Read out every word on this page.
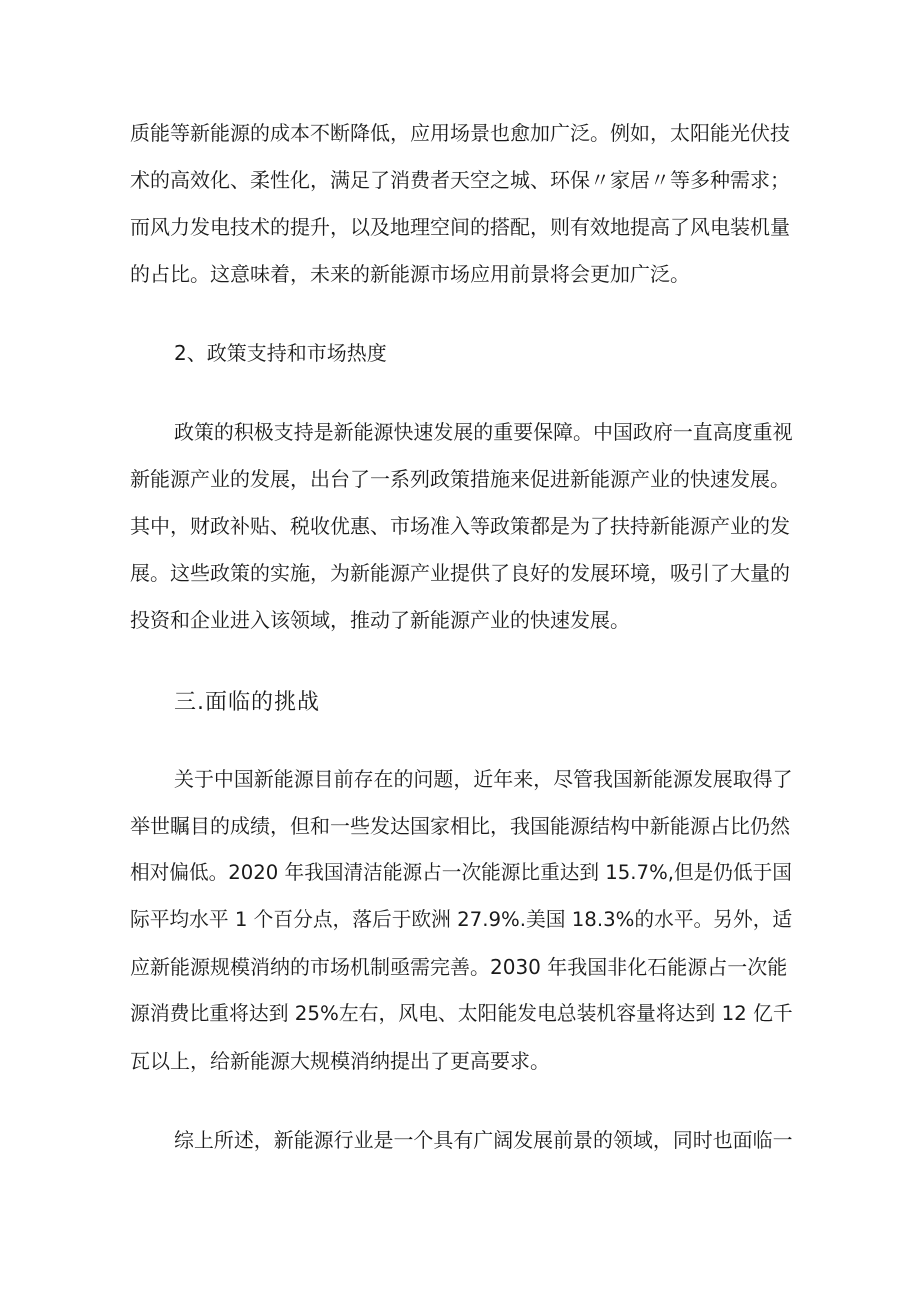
质能等新能源的成本不断降低，应用场景也愈加广泛。例如，太阳能光伏技
术的高效化、柔性化，满足了消费者天空之城、环保〃家居〃等多种需求；
而风力发电技术的提升，以及地理空间的搭配，则有效地提高了风电装机量
的占比。这意味着，未来的新能源市场应用前景将会更加广泛。
2、政策支持和市场热度
政策的积极支持是新能源快速发展的重要保障。中国政府一直高度重视
新能源产业的发展，出台了一系列政策措施来促进新能源产业的快速发展。
其中，财政补贴、税收优惠、市场准入等政策都是为了扶持新能源产业的发
展。这些政策的实施，为新能源产业提供了良好的发展环境，吸引了大量的
投资和企业进入该领域，推动了新能源产业的快速发展。
三.面临的挑战
关于中国新能源目前存在的问题，近年来，尽管我国新能源发展取得了
举世瞩目的成绩，但和一些发达国家相比，我国能源结构中新能源占比仍然
相对偏低。2020 年我国清洁能源占一次能源比重达到 15.7%,但是仍低于国
际平均水平 1 个百分点，落后于欧洲 27.9%.美国 18.3%的水平。另外，适
应新能源规模消纳的市场机制亟需完善。2030 年我国非化石能源占一次能
源消费比重将达到 25%左右，风电、太阳能发电总装机容量将达到 12 亿千
瓦以上，给新能源大规模消纳提出了更高要求。
综上所述，新能源行业是一个具有广阔发展前景的领域，同时也面临一
